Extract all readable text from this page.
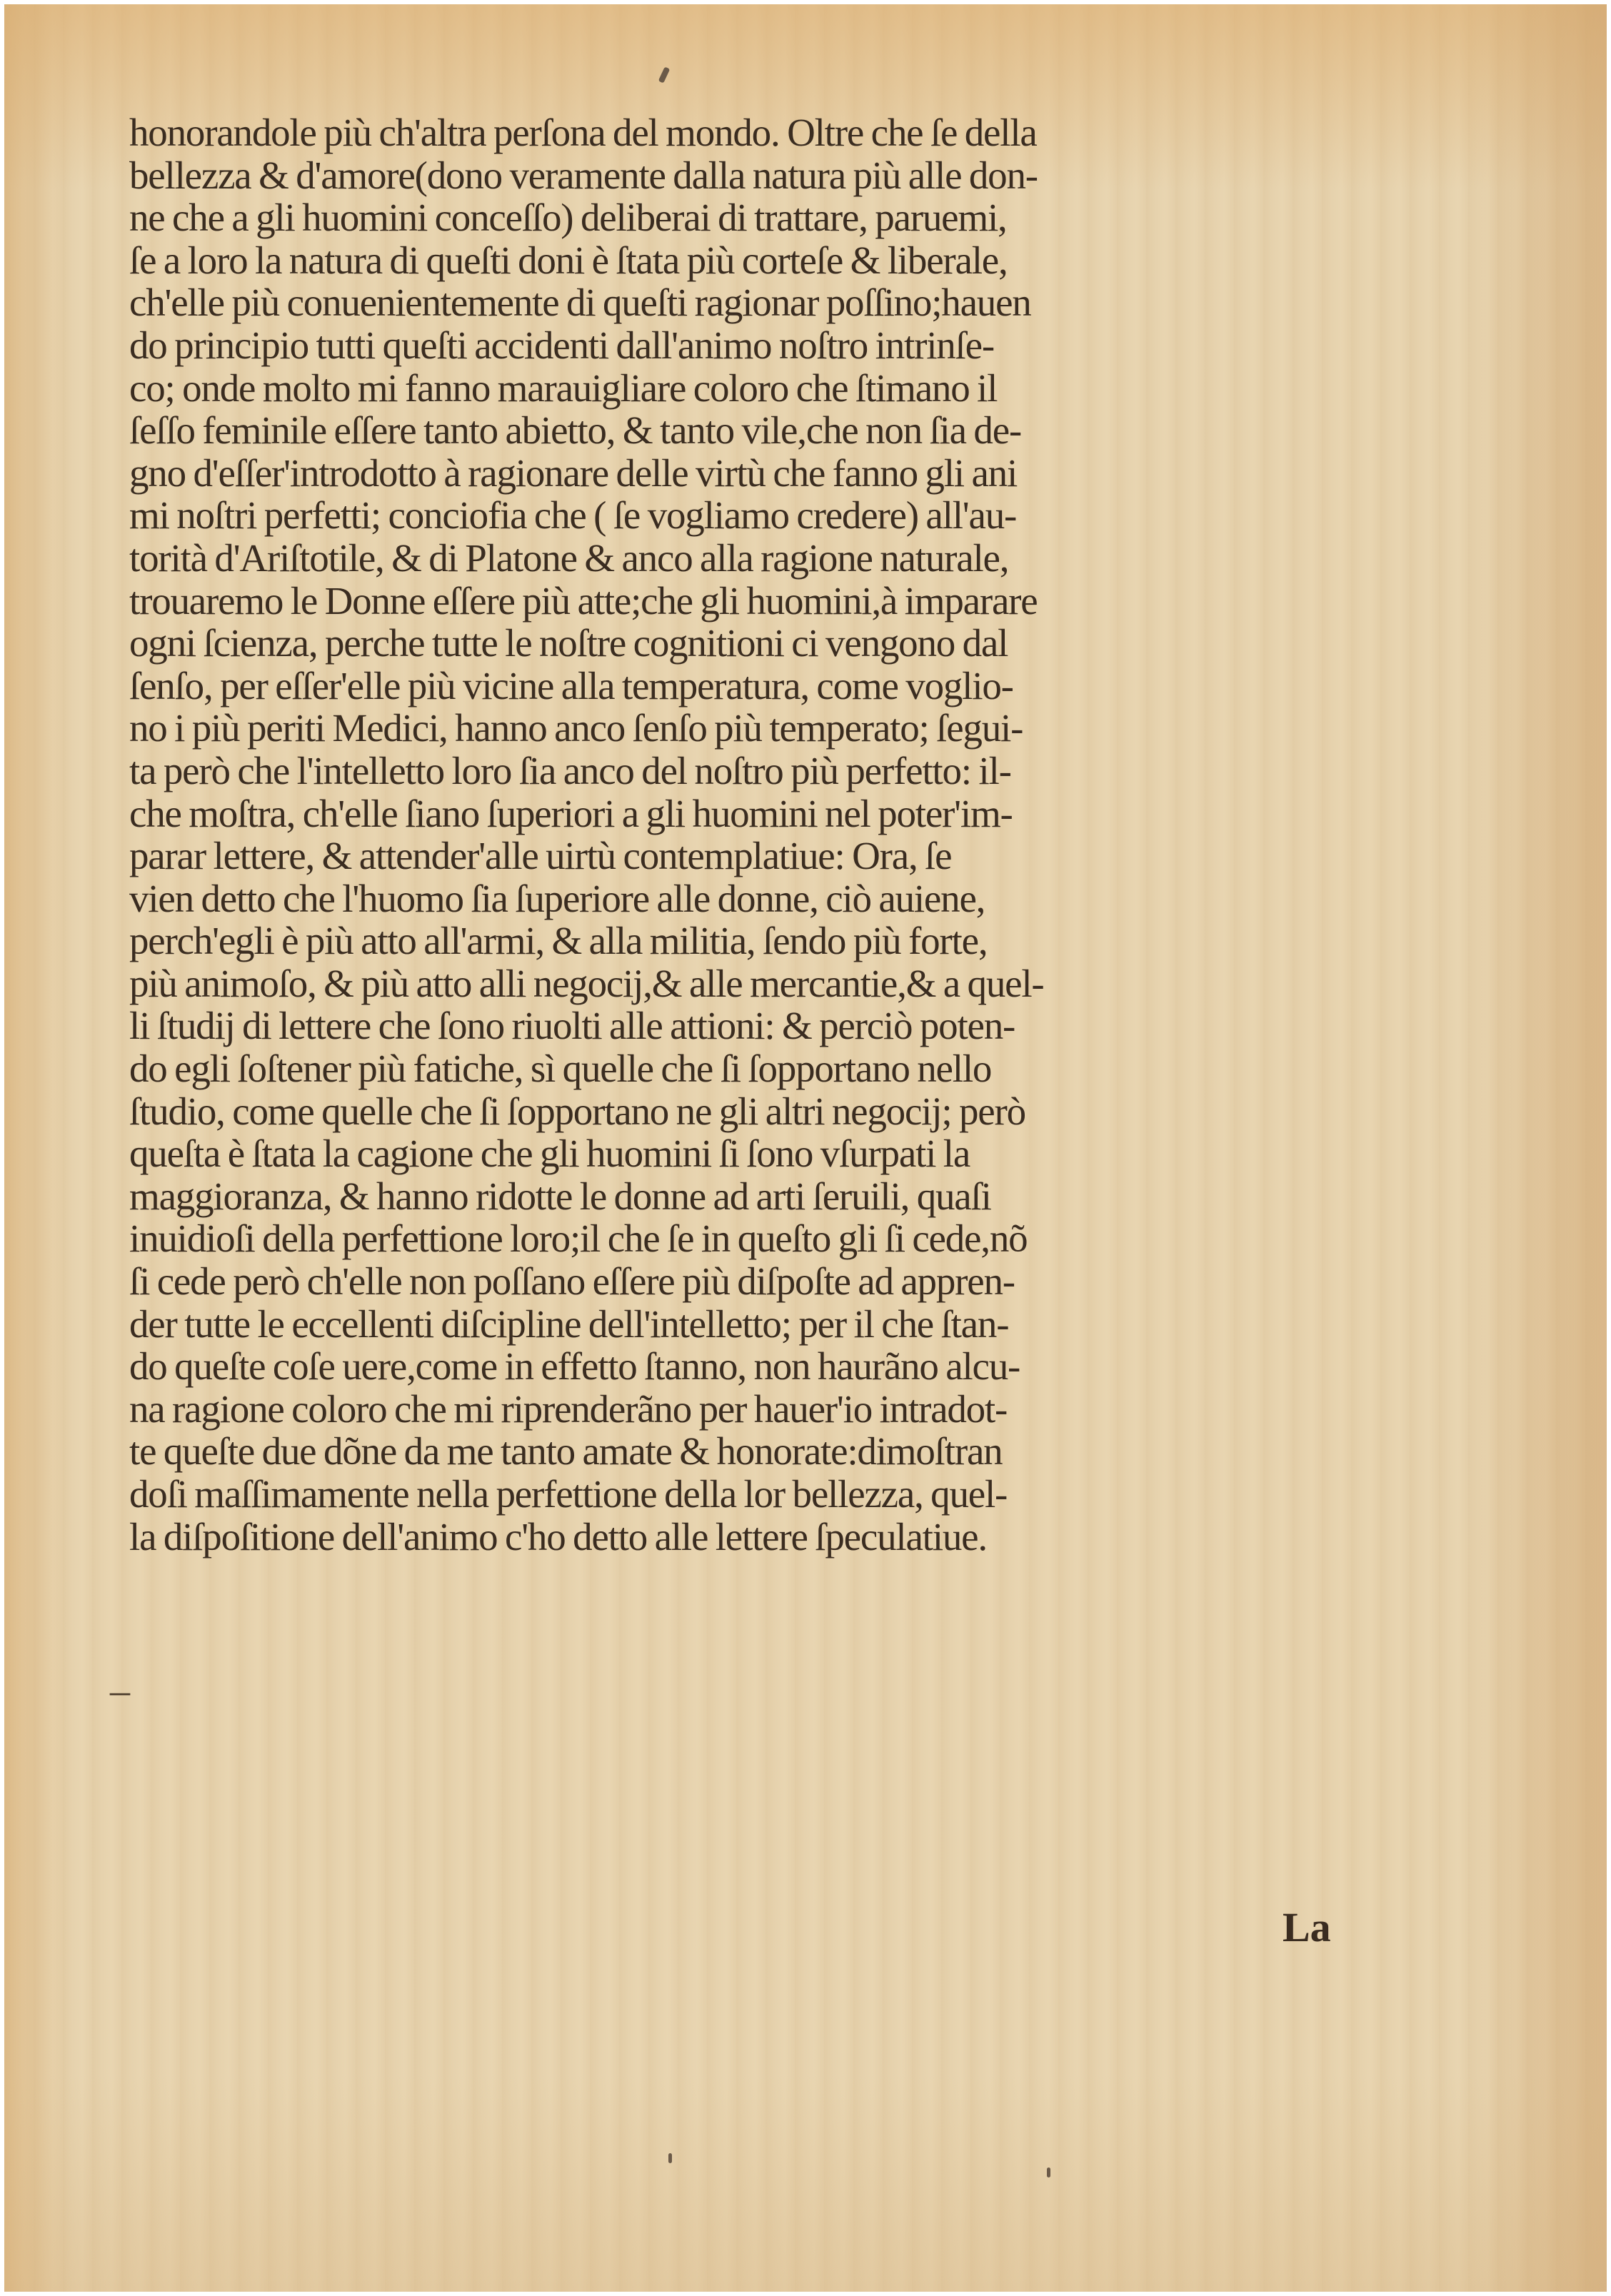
honorandole più ch'altra perſona del mondo. Oltre che ſe della
bellezza & d'amore(dono veramente dalla natura più alle don-
ne che a gli huomini conceſſo) deliberai di trattare, paruemi,
ſe a loro la natura di queſti doni è ſtata più corteſe & liberale,
ch'elle più conuenientemente di queſti ragionar poſſino;hauen
do principio tutti queſti accidenti dall'animo noſtro intrinſe-
co; onde molto mi fanno marauigliare coloro che ſtimano il
ſeſſo feminile eſſere tanto abietto, & tanto vile,che non ſia de-
gno d'eſſer'introdotto à ragionare delle virtù che fanno gli ani
mi noſtri perfetti; conciofia che ( ſe vogliamo credere) all'au-
torità d'Ariſtotile, & di Platone & anco alla ragione naturale,
trouaremo le Donne eſſere più atte;che gli huomini,à imparare
ogni ſcienza, perche tutte le noſtre cognitioni ci vengono dal
ſenſo, per eſſer'elle più vicine alla temperatura, come voglio-
no i più periti Medici, hanno anco ſenſo più temperato; ſegui-
ta però che l'intelletto loro ſia anco del noſtro più perfetto: il-
che moſtra, ch'elle ſiano ſuperiori a gli huomini nel poter'im-
parar lettere, & attender'alle uirtù contemplatiue: Ora, ſe
vien detto che l'huomo ſia ſuperiore alle donne, ciò auiene,
perch'egli è più atto all'armi, & alla militia, ſendo più forte,
più animoſo, & più atto alli negocij,& alle mercantie,& a quel-
li ſtudij di lettere che ſono riuolti alle attioni: & perciò poten-
do egli ſoſtener più fatiche, sì quelle che ſi ſopportano nello
ſtudio, come quelle che ſi ſopportano ne gli altri negocij; però
queſta è ſtata la cagione che gli huomini ſi ſono vſurpati la
maggioranza, & hanno ridotte le donne ad arti ſeruili, quaſi
inuidioſi della perfettione loro;il che ſe in queſto gli ſi cede,nõ
ſi cede però ch'elle non poſſano eſſere più diſpoſte ad appren-
der tutte le eccellenti diſcipline dell'intelletto; per il che ſtan-
do queſte coſe uere,come in effetto ſtanno, non haurãno alcu-
na ragione coloro che mi riprenderãno per hauer'io intradot-
te queſte due dõne da me tanto amate & honorate:dimoſtran
doſi maſſimamente nella perfettione della lor bellezza, quel-
la diſpoſitione dell'animo c'ho detto alle lettere ſpeculatiue.
La
–
